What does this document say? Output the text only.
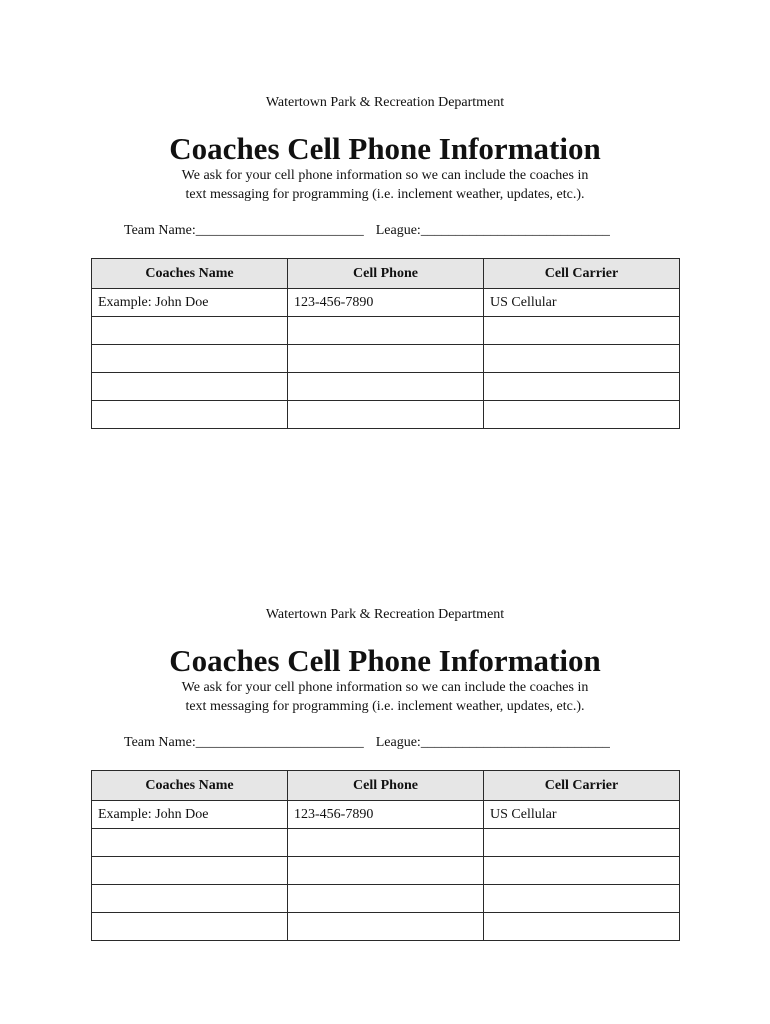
Watertown Park & Recreation Department
Coaches Cell Phone Information
We ask for your cell phone information so we can include the coaches in
text messaging for programming (i.e. inclement weather, updates, etc.).
Team Name:________________________ League:___________________________
Coaches Name	Cell Phone	Cell Carrier
Example: John Doe	123-456-7890	US Cellular

Watertown Park & Recreation Department
Coaches Cell Phone Information
We ask for your cell phone information so we can include the coaches in
text messaging for programming (i.e. inclement weather, updates, etc.).
Team Name:________________________ League:___________________________
Coaches Name	Cell Phone	Cell Carrier
Example: John Doe	123-456-7890	US Cellular
